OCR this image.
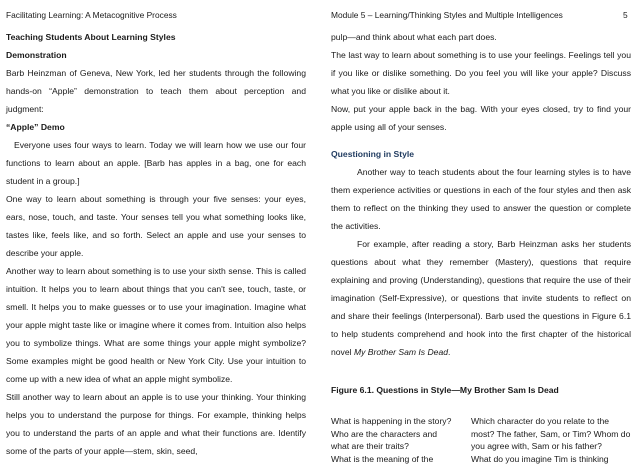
Facilitating Learning: A Metacognitive Process	Module 5 – Learning/Thinking Styles and Multiple Intelligences	5

Teaching Students About Learning Styles

Demonstration

Barb Heinzman of Geneva, New York, led her students through the following hands-on “Apple” demonstration to teach them about perception and judgment:

“Apple” Demo

Everyone uses four ways to learn. Today we will learn how we use our four functions to learn about an apple. [Barb has apples in a bag, one for each student in a group.]

One way to learn about something is through your five senses: your eyes, ears, nose, touch, and taste. Your senses tell you what something looks like, tastes like, feels like, and so forth. Select an apple and use your senses to describe your apple.

Another way to learn about something is to use your sixth sense. This is called intuition. It helps you to learn about things that you can't see, touch, taste, or smell. It helps you to make guesses or to use your imagination. Imagine what your apple might taste like or imagine where it comes from. Intuition also helps you to symbolize things. What are some things your apple might symbolize? Some examples might be good health or New York City. Use your intuition to come up with a new idea of what an apple might symbolize.

Still another way to learn about an apple is to use your thinking. Your thinking helps you to understand the purpose for things. For example, thinking helps you to understand the parts of an apple and what their functions are. Identify some of the parts of your apple—stem, skin, seed,

pulp—and think about what each part does.

The last way to learn about something is to use your feelings. Feelings tell you if you like or dislike something. Do you feel you will like your apple? Discuss what you like or dislike about it.

Now, put your apple back in the bag. With your eyes closed, try to find your apple using all of your senses.

Questioning in Style

Another way to teach students about the four learning styles is to have them experience activities or questions in each of the four styles and then ask them to reflect on the thinking they used to answer the question or complete the activities.

For example, after reading a story, Barb Heinzman asks her students questions about what they remember (Mastery), questions that require explaining and proving (Understanding), questions that require the use of their imagination (Self-Expressive), or questions that invite students to reflect on and share their feelings (Interpersonal). Barb used the questions in Figure 6.1 to help students comprehend and hook into the first chapter of the historical novel My Brother Sam Is Dead.

Figure 6.1. Questions in Style—My Brother Sam Is Dead

What is happening in the story?	Which character do you relate to the
Who are the characters and	most? The father, Sam, or Tim? Whom do
what are their traits?	you agree with, Sam or his father?
What is the meaning of the	What do you imagine Tim is thinking
